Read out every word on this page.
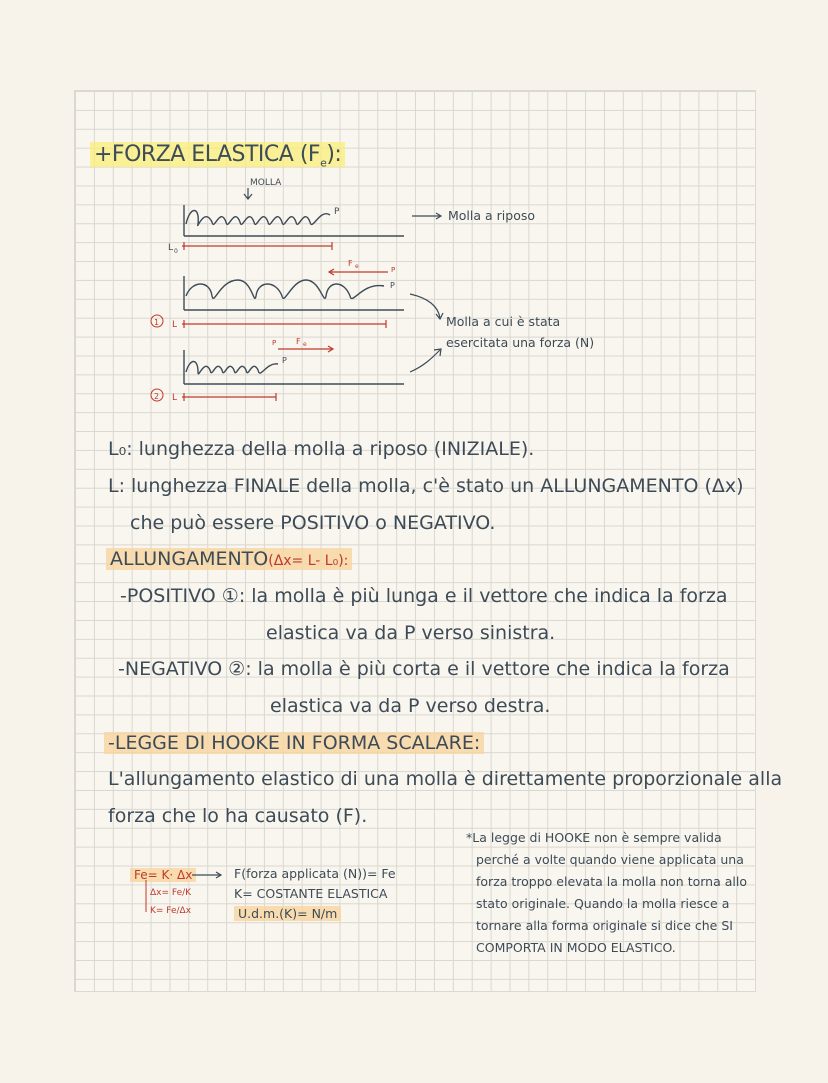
+FORZA ELASTICA $(F_e)$:
MOLLA
P	Molla a riposo
L 0
F e	P
P
1 L	Molla a cui è stata
esercitata una forza (N)
P F e
P
2 L
L₀: lunghezza della molla a riposo (INIZIALE).
L: lunghezza FINALE della molla, c'è stato un ALLUNGAMENTO (Δx)
che può essere POSITIVO o NEGATIVO.
ALLUNGAMENTO(Δx= L- L₀):
-POSITIVO ①: la molla è più lunga e il vettore che indica la forza
elastica va da P verso sinistra.
-NEGATIVO ②: la molla è più corta e il vettore che indica la forza
elastica va da P verso destra.
-LEGGE DI HOOKE IN FORMA SCALARE:
L'allungamento elastico di una molla è direttamente proporzionale alla
forza che lo ha causato (F).
Fe= K· Δx
Δx= Fe/K
K= Fe/Δx
F(forza applicata (N))= Fe
K= COSTANTE ELASTICA
U.d.m.(K)= N/m
*La legge di HOOKE non è sempre valida
perché a volte quando viene applicata una
forza troppo elevata la molla non torna allo
stato originale. Quando la molla riesce a
tornare alla forma originale si dice che SI
COMPORTA IN MODO ELASTICO.
